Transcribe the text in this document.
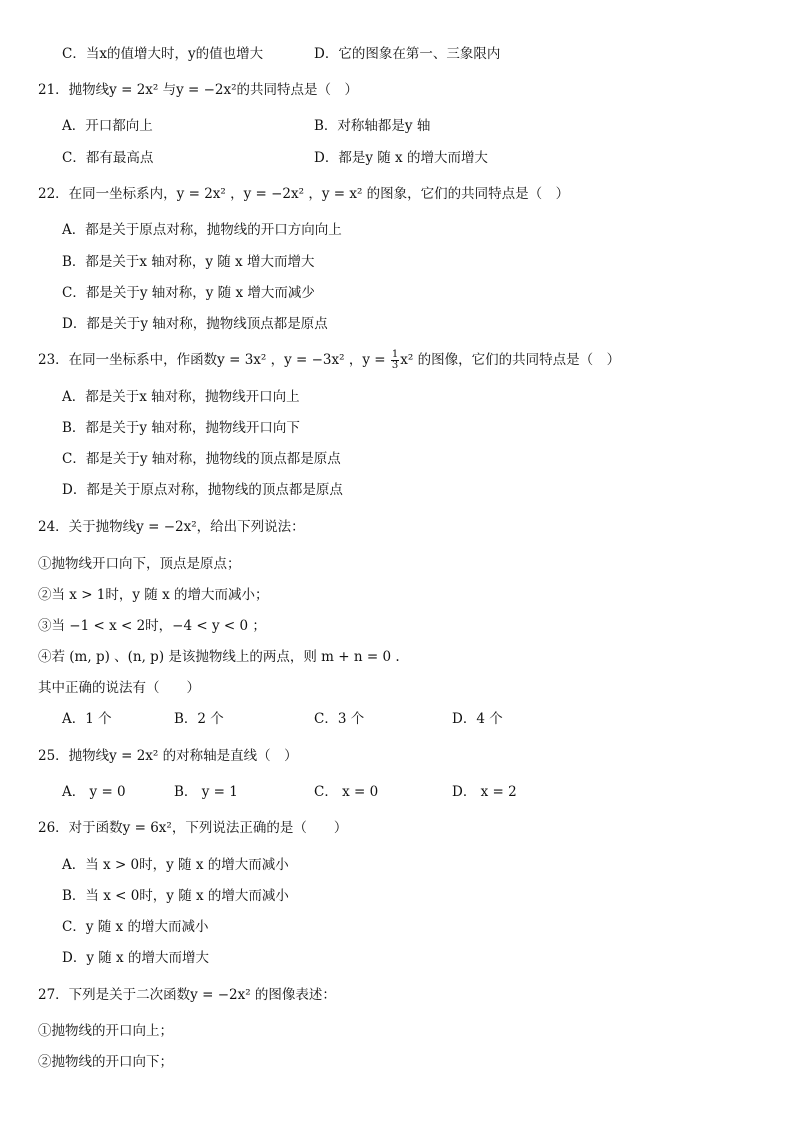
C．当x的值增大时，y的值也增大	D．它的图象在第一、三象限内
21．抛物线y = 2x² 与y = −2x²的共同特点是（　）
A．开口都向上	B．对称轴都是y 轴
C．都有最高点	D．都是y 随 x 的增大而增大
22．在同一坐标系内，y = 2x² ，y = −2x² ，y = x² 的图象，它们的共同特点是（　）
A．都是关于原点对称，抛物线的开口方向向上
B．都是关于x 轴对称，y 随 x 增大而增大
C．都是关于y 轴对称，y 随 x 增大而减少
D．都是关于y 轴对称，抛物线顶点都是原点
23．在同一坐标系中，作函数y = 3x² ，y = −3x² ，$y = \frac{1}{3} x^2$ 的图像，它们的共同特点是（　）
A．都是关于x 轴对称，抛物线开口向上
B．都是关于y 轴对称，抛物线开口向下
C．都是关于y 轴对称，抛物线的顶点都是原点
D．都是关于原点对称，抛物线的顶点都是原点
24．关于抛物线y = −2x²，给出下列说法：
①抛物线开口向下，顶点是原点；
②当 x > 1时，y 随 x 的增大而减小；
③当 −1 < x < 2时，−4 < y < 0 ；
④若 (m, p) 、(n, p) 是该抛物线上的两点，则 m + n = 0 .
其中正确的说法有（　　）
A．1 个	B．2 个	C．3 个	D．4 个
25．抛物线y = 2x² 的对称轴是直线（　）
A． y = 0	B． y = 1	C． x = 0	D． x = 2
26．对于函数y = 6x²，下列说法正确的是（　　）
A．当 x > 0时，y 随 x 的增大而减小
B．当 x < 0时，y 随 x 的增大而减小
C．y 随 x 的增大而减小
D．y 随 x 的增大而增大
27．下列是关于二次函数y = −2x² 的图像表述：
①抛物线的开口向上；
②抛物线的开口向下；
